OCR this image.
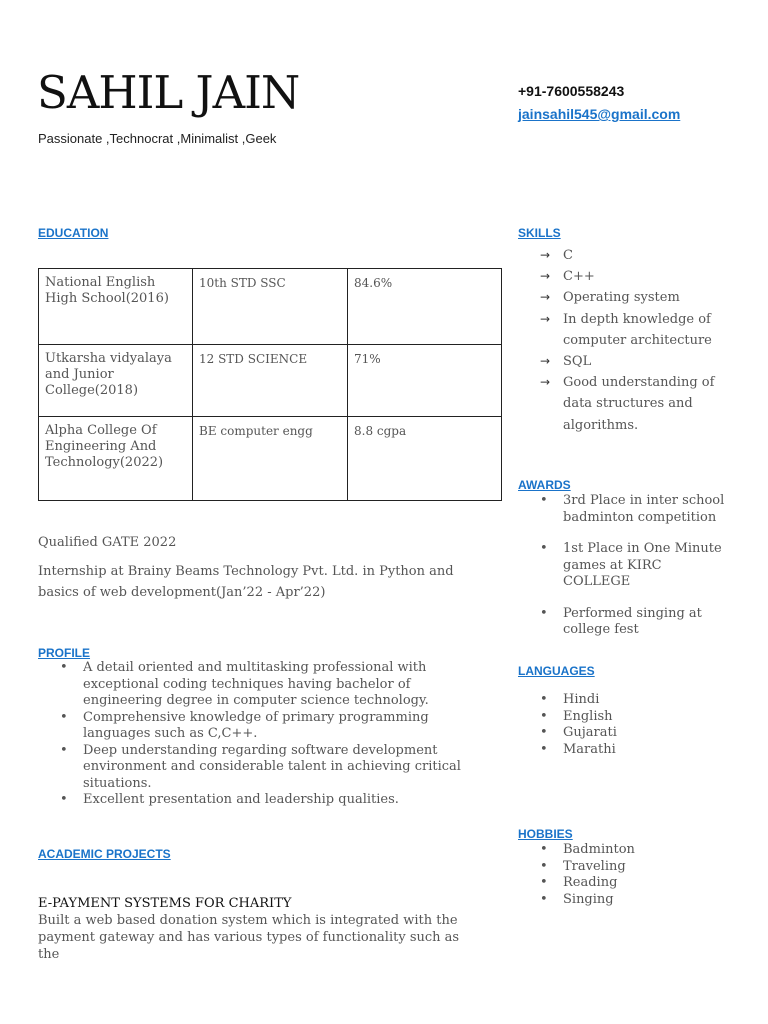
SAHIL JAIN
Passionate ,Technocrat ,Minimalist ,Geek
+91-7600558243
jainsahil545@gmail.com
EDUCATION
National English High School(2016)	10th STD SSC	84.6%
Utkarsha vidyalaya and Junior College(2018)	12 STD SCIENCE	71%
Alpha College Of Engineering And Technology(2022)	BE computer engg	8.8 cgpa
Qualified GATE 2022
Internship at Brainy Beams Technology Pvt. Ltd. in Python and basics of web development(Jan’22 - Apr’22)
PROFILE
• A detail oriented and multitasking professional with exceptional coding techniques having bachelor of engineering degree in computer science technology.
• Comprehensive knowledge of primary programming languages such as C,C++.
• Deep understanding regarding software development environment and considerable talent in achieving critical situations.
• Excellent presentation and leadership qualities.
ACADEMIC PROJECTS
E-PAYMENT SYSTEMS FOR CHARITY
Built a web based donation system which is integrated with the payment gateway and has various types of functionality such as the
SKILLS
→ C
→ C++
→ Operating system
→ In depth knowledge of computer architecture
→ SQL
→ Good understanding of data structures and algorithms.
AWARDS
• 3rd Place in inter school badminton competition
• 1st Place in One Minute games at KIRC COLLEGE
• Performed singing at college fest
LANGUAGES
• Hindi
• English
• Gujarati
• Marathi
HOBBIES
• Badminton
• Traveling
• Reading
• Singing
